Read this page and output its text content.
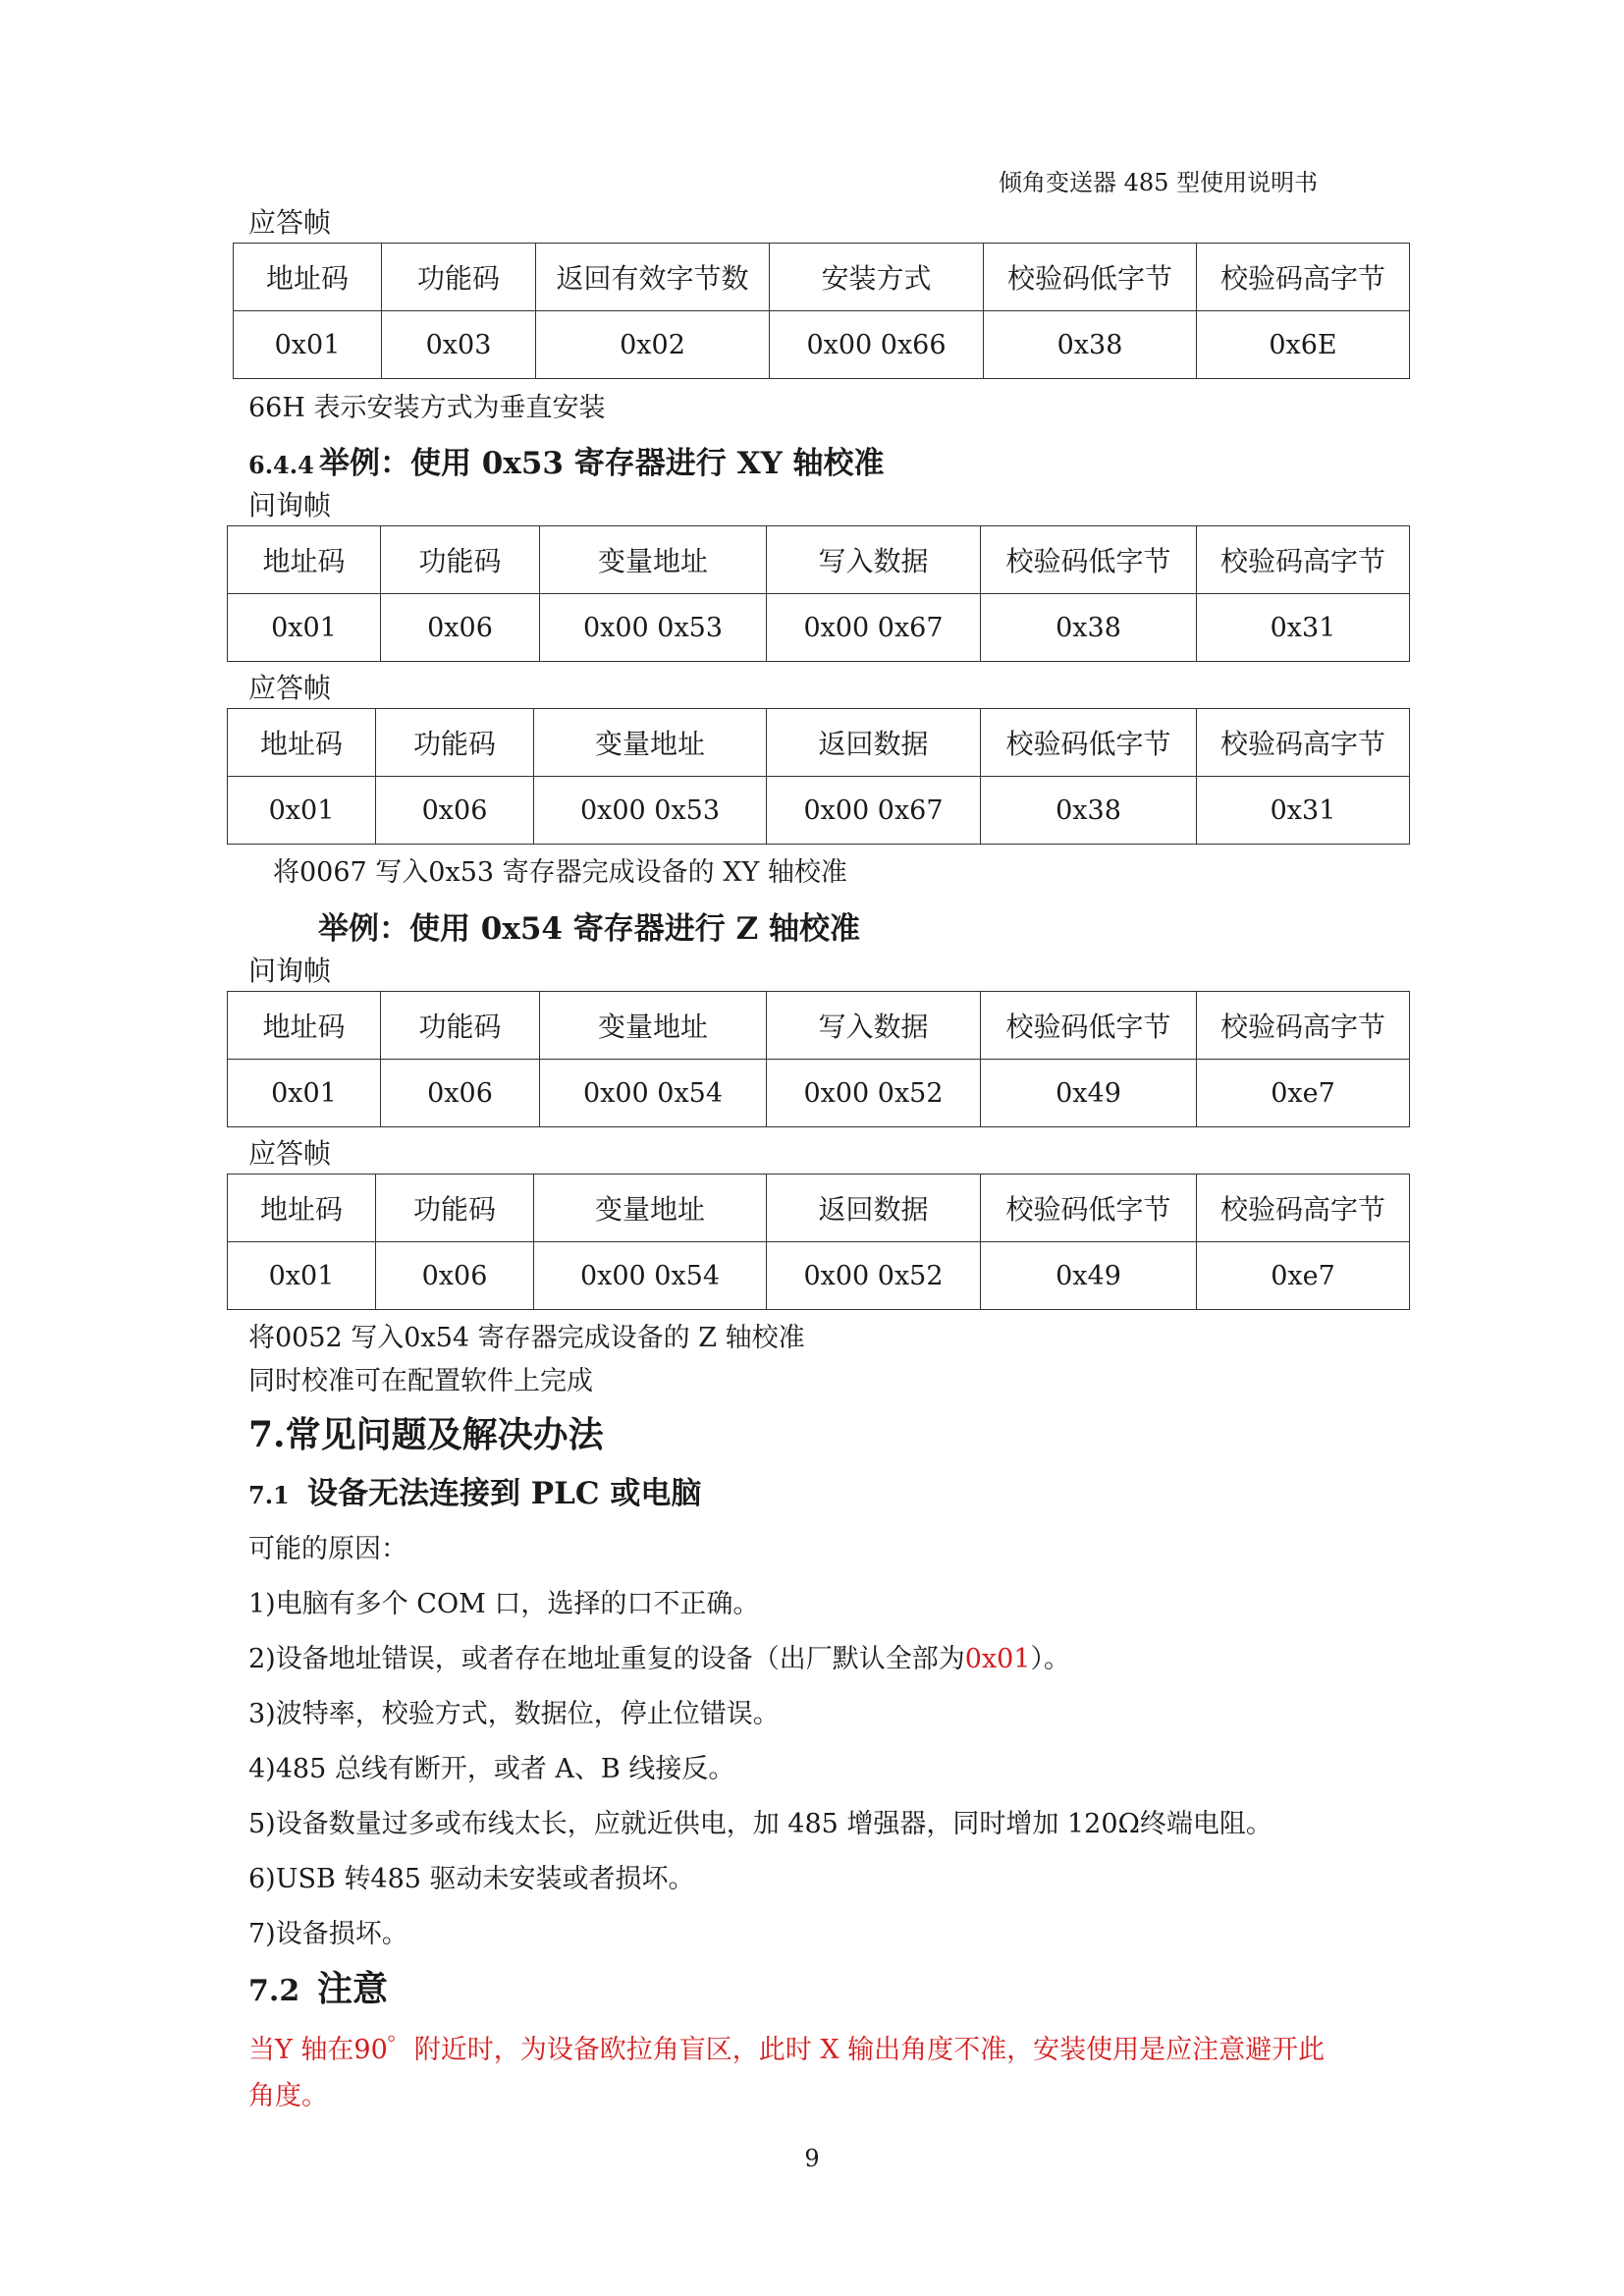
倾角变送器 485 型使用说明书
应答帧
地址码	功能码	返回有效字节数	安装方式	校验码低字节	校验码高字节
0x01	0x03	0x02	0x00 0x66	0x38	0x6E
66H 表示安装方式为垂直安装
6.4.4 举例：使用 0x53 寄存器进行 XY 轴校准
问询帧
地址码	功能码	变量地址	写入数据	校验码低字节	校验码高字节
0x01	0x06	0x00 0x53	0x00 0x67	0x38	0x31
应答帧
地址码	功能码	变量地址	返回数据	校验码低字节	校验码高字节
0x01	0x06	0x00 0x53	0x00 0x67	0x38	0x31
将0067 写入0x53 寄存器完成设备的 XY 轴校准
举例：使用 0x54 寄存器进行 Z 轴校准
问询帧
地址码	功能码	变量地址	写入数据	校验码低字节	校验码高字节
0x01	0x06	0x00 0x54	0x00 0x52	0x49	0xe7
应答帧
地址码	功能码	变量地址	返回数据	校验码低字节	校验码高字节
0x01	0x06	0x00 0x54	0x00 0x52	0x49	0xe7
将0052 写入0x54 寄存器完成设备的 Z 轴校准
同时校准可在配置软件上完成
7.常见问题及解决办法
7.1 设备无法连接到 PLC 或电脑
可能的原因：
1)电脑有多个 COM 口，选择的口不正确。
2)设备地址错误，或者存在地址重复的设备（出厂默认全部为0x01）。
3)波特率，校验方式，数据位，停止位错误。
4)485 总线有断开，或者 A、B 线接反。
5)设备数量过多或布线太长，应就近供电，加 485 增强器，同时增加 120Ω终端电阻。
6)USB 转485 驱动未安装或者损坏。
7)设备损坏。
7.2 注意
当Y 轴在90゜附近时，为设备欧拉角盲区，此时 X 输出角度不准，安装使用是应注意避开此
角度。
9
